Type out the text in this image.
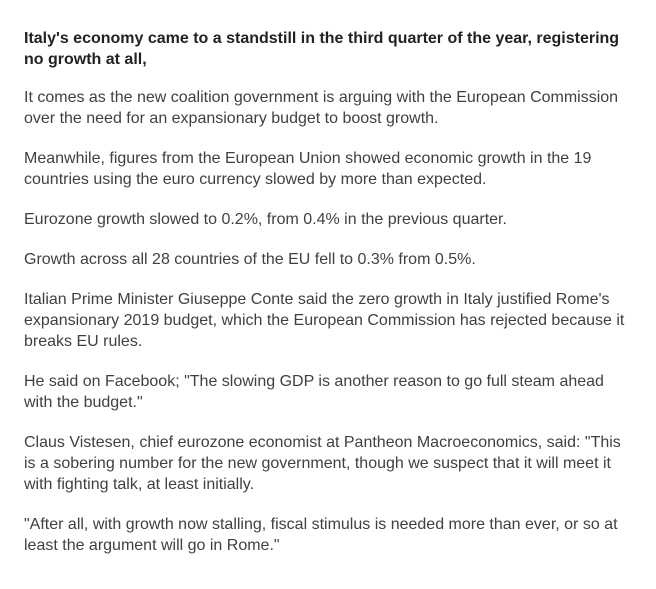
Italy's economy came to a standstill in the third quarter of the year, registering no growth at all,

It comes as the new coalition government is arguing with the European Commission over the need for an expansionary budget to boost growth.

Meanwhile, figures from the European Union showed economic growth in the 19 countries using the euro currency slowed by more than expected.

Eurozone growth slowed to 0.2%, from 0.4% in the previous quarter.

Growth across all 28 countries of the EU fell to 0.3% from 0.5%.

Italian Prime Minister Giuseppe Conte said the zero growth in Italy justified Rome's expansionary 2019 budget, which the European Commission has rejected because it breaks EU rules.

He said on Facebook; "The slowing GDP is another reason to go full steam ahead with the budget."

Claus Vistesen, chief eurozone economist at Pantheon Macroeconomics, said: "This is a sobering number for the new government, though we suspect that it will meet it with fighting talk, at least initially.

"After all, with growth now stalling, fiscal stimulus is needed more than ever, or so at least the argument will go in Rome."
